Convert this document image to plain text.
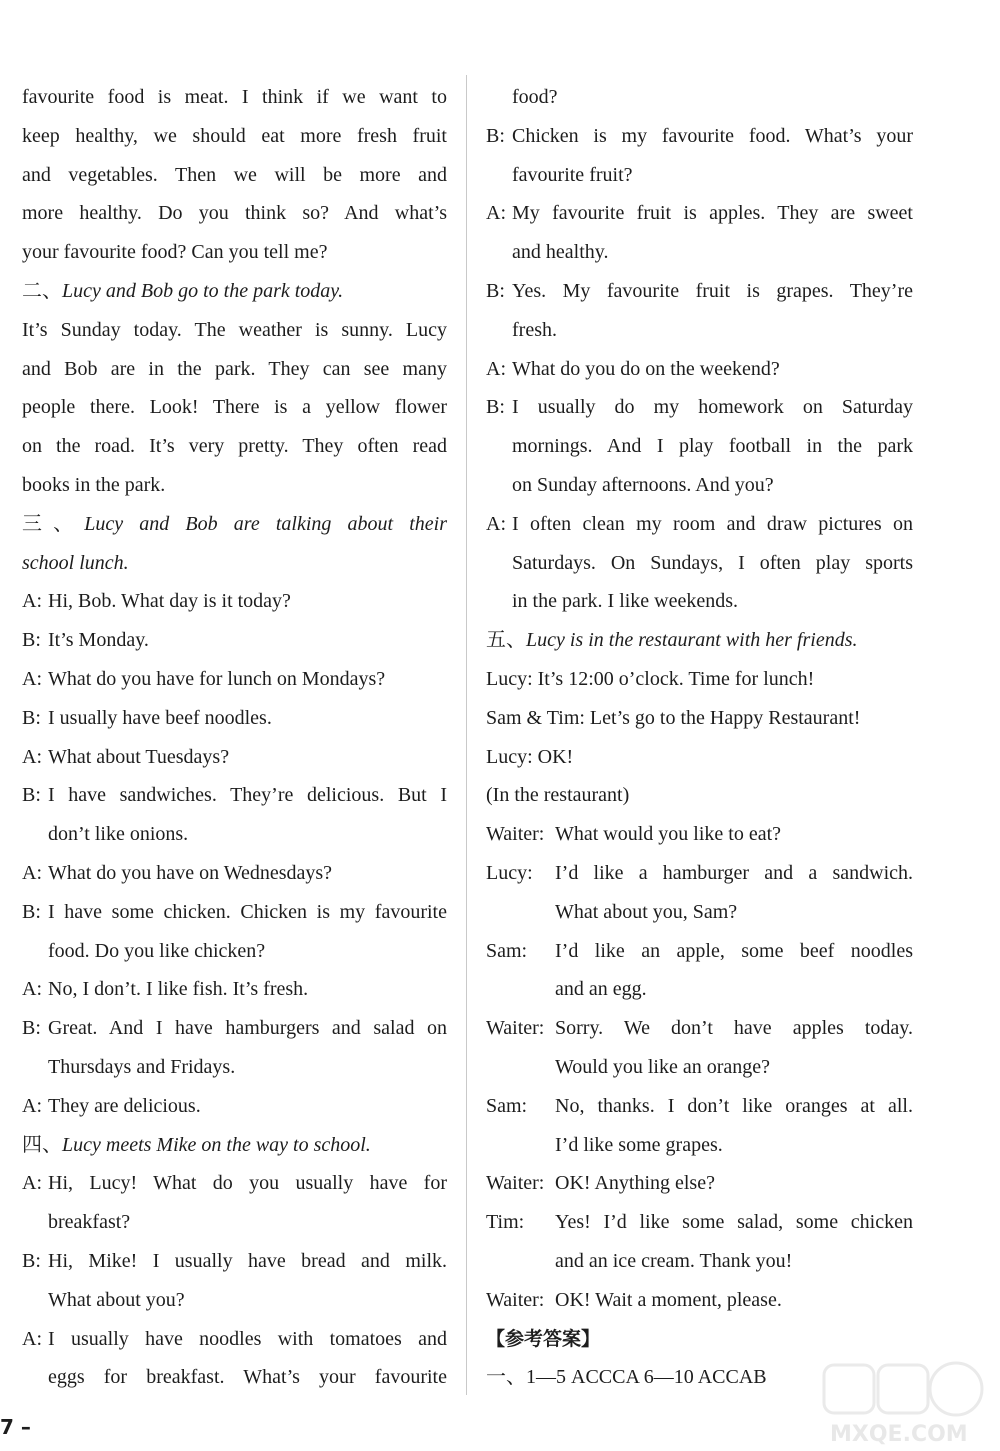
favourite food is meat. I think if we want to
keep healthy, we should eat more fresh fruit
and vegetables. Then we will be more and
more healthy. Do you think so? And what’s
your favourite food? Can you tell me?
二、Lucy and Bob go to the park today.
It’s Sunday today. The weather is sunny. Lucy
and Bob are in the park. They can see many
people there. Look! There is a yellow flower
on the road. It’s very pretty. They often read
books in the park.
三、Lucy and Bob are talking about their
school lunch.
A: Hi, Bob. What day is it today?
B: It’s Monday.
A: What do you have for lunch on Mondays?
B: I usually have beef noodles.
A: What about Tuesdays?
B: I have sandwiches. They’re delicious. But I
don’t like onions.
A: What do you have on Wednesdays?
B: I have some chicken. Chicken is my favourite
food. Do you like chicken?
A: No, I don’t. I like fish. It’s fresh.
B: Great. And I have hamburgers and salad on
Thursdays and Fridays.
A: They are delicious.
四、Lucy meets Mike on the way to school.
A: Hi, Lucy! What do you usually have for
breakfast?
B: Hi, Mike! I usually have bread and milk.
What about you?
A: I usually have noodles with tomatoes and
eggs for breakfast. What’s your favourite
food?
B: Chicken is my favourite food. What’s your
favourite fruit?
A: My favourite fruit is apples. They are sweet
and healthy.
B: Yes. My favourite fruit is grapes. They’re
fresh.
A: What do you do on the weekend?
B: I usually do my homework on Saturday
mornings. And I play football in the park
on Sunday afternoons. And you?
A: I often clean my room and draw pictures on
Saturdays. On Sundays, I often play sports
in the park. I like weekends.
五、Lucy is in the restaurant with her friends.
Lucy: It’s 12:00 o’clock. Time for lunch!
Sam & Tim: Let’s go to the Happy Restaurant!
Lucy: OK!
(In the restaurant)
Waiter: What would you like to eat?
Lucy:	I’d like a hamburger and a sandwich.
What about you, Sam?
Sam:	I’d like an apple, some beef noodles
and an egg.
Waiter: Sorry. We don’t have apples today.
Would you like an orange?
Sam:	No, thanks. I don’t like oranges at all.
I’d like some grapes.
Waiter: OK! Anything else?
Tim:	Yes! I’d like some salad, some chicken
and an ice cream. Thank you!
Waiter: OK! Wait a moment, please.
【参考答案】
一、1—5 ACCCA 6—10 ACCAB
7 –	MXQE.COM
